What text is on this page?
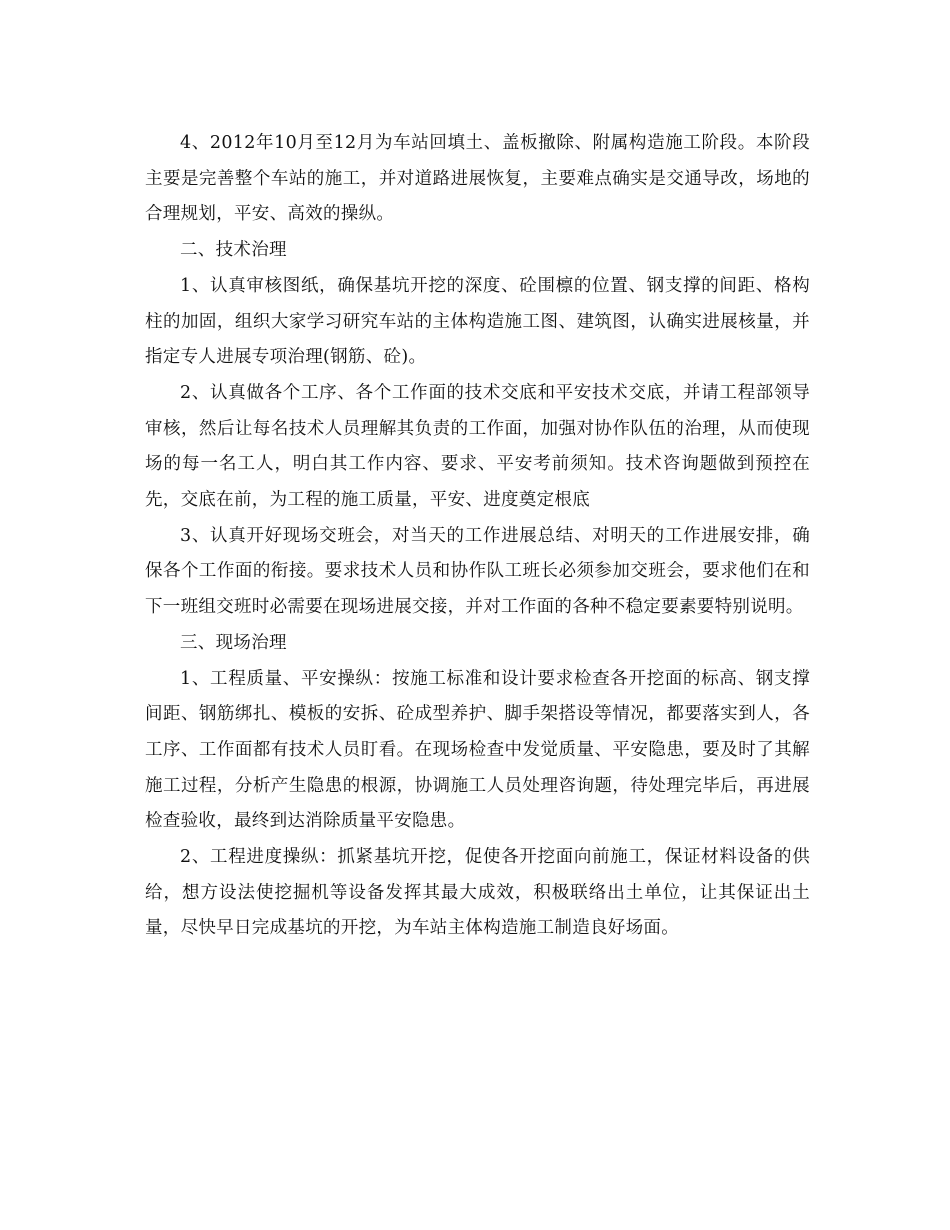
4、2012年10月至12月为车站回填土、盖板撤除、附属构造施工阶段。本阶段主要是完善整个车站的施工，并对道路进展恢复，主要难点确实是交通导改，场地的合理规划，平安、高效的操纵。

二、技术治理

1、认真审核图纸，确保基坑开挖的深度、砼围檩的位置、钢支撑的间距、格构柱的加固，组织大家学习研究车站的主体构造施工图、建筑图，认确实进展核量，并指定专人进展专项治理(钢筋、砼)。

2、认真做各个工序、各个工作面的技术交底和平安技术交底，并请工程部领导审核，然后让每名技术人员理解其负责的工作面，加强对协作队伍的治理，从而使现场的每一名工人，明白其工作内容、要求、平安考前须知。技术咨询题做到预控在先，交底在前，为工程的施工质量，平安、进度奠定根底

3、认真开好现场交班会，对当天的工作进展总结、对明天的工作进展安排，确保各个工作面的衔接。要求技术人员和协作队工班长必须参加交班会，要求他们在和下一班组交班时必需要在现场进展交接，并对工作面的各种不稳定要素要特别说明。

三、现场治理

1、工程质量、平安操纵：按施工标准和设计要求检查各开挖面的标高、钢支撑间距、钢筋绑扎、模板的安拆、砼成型养护、脚手架搭设等情况，都要落实到人，各工序、工作面都有技术人员盯看。在现场检查中发觉质量、平安隐患，要及时了其解施工过程，分析产生隐患的根源，协调施工人员处理咨询题，待处理完毕后，再进展检查验收，最终到达消除质量平安隐患。

2、工程进度操纵：抓紧基坑开挖，促使各开挖面向前施工，保证材料设备的供给，想方设法使挖掘机等设备发挥其最大成效，积极联络出土单位，让其保证出土量，尽快早日完成基坑的开挖，为车站主体构造施工制造良好场面。
